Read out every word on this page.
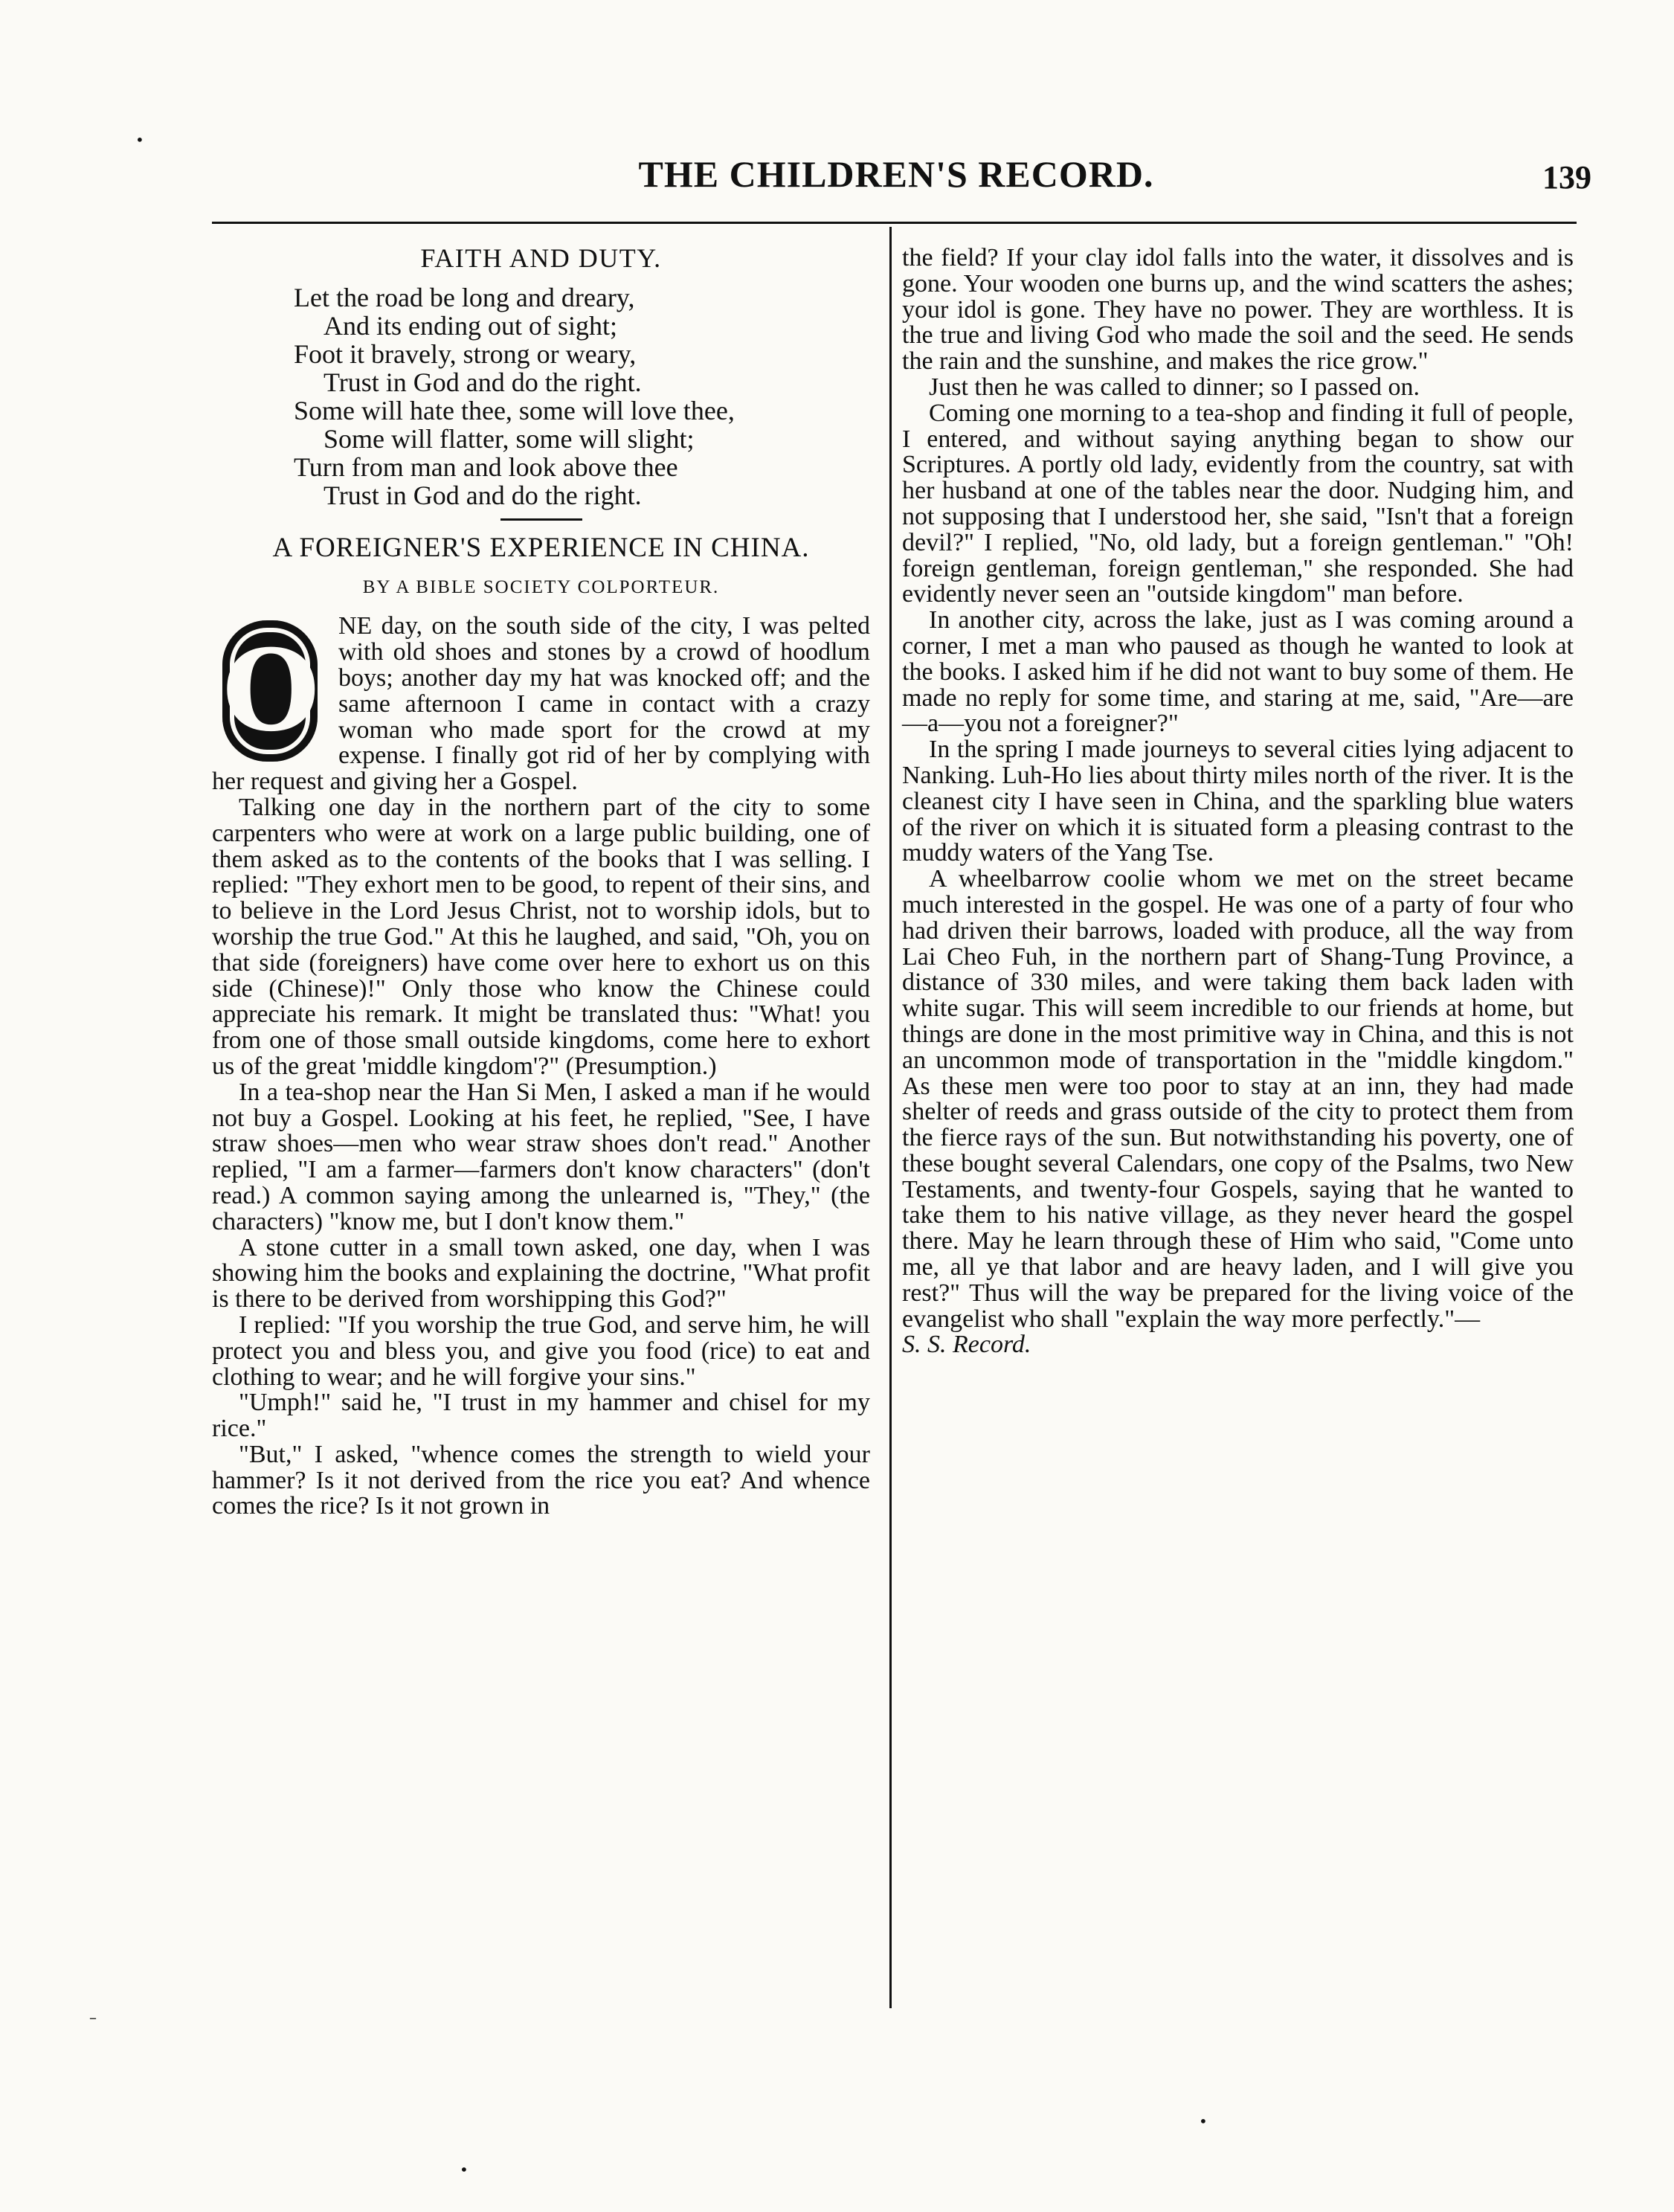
THE CHILDREN'S RECORD.	139
FAITH AND DUTY.
Let the road be long and dreary,
And its ending out of sight;
Foot it bravely, strong or weary,
Trust in God and do the right.
Some will hate thee, some will love thee,
Some will flatter, some will slight;
Turn from man and look above thee
Trust in God and do the right.
A FOREIGNER'S EXPERIENCE IN CHINA.
BY A BIBLE SOCIETY COLPORTEUR.

O NE day, on the south side of the city, I was pelted with old shoes and stones by a crowd of hoodlum boys; another day my hat was knocked off; and the same afternoon I came in contact with a crazy woman who made sport for the crowd at my expense. I finally got rid of her by complying with her request and giving her a Gospel.

Talking one day in the northern part of the city to some carpenters who were at work on a large public building, one of them asked as to the contents of the books that I was selling. I replied: "They exhort men to be good, to repent of their sins, and to believe in the Lord Jesus Christ, not to worship idols, but to worship the true God." At this he laughed, and said, "Oh, you on that side (foreigners) have come over here to exhort us on this side (Chinese)!" Only those who know the Chinese could appreciate his remark. It might be translated thus: "What! you from one of those small outside kingdoms, come here to exhort us of the great 'middle kingdom'?" (Presumption.)

In a tea-shop near the Han Si Men, I asked a man if he would not buy a Gospel. Looking at his feet, he replied, "See, I have straw shoes—men who wear straw shoes don't read." Another replied, "I am a farmer—farmers don't know characters" (don't read.) A common saying among the unlearned is, "They," (the characters) "know me, but I don't know them."

A stone cutter in a small town asked, one day, when I was showing him the books and explaining the doctrine, "What profit is there to be derived from worshipping this God?"

I replied: "If you worship the true God, and serve him, he will protect you and bless you, and give you food (rice) to eat and clothing to wear; and he will forgive your sins."

"Umph!" said he, "I trust in my hammer and chisel for my rice."

"But," I asked, "whence comes the strength to wield your hammer? Is it not derived from the rice you eat? And whence comes the rice? Is it not grown in

the field? If your clay idol falls into the water, it dissolves and is gone. Your wooden one burns up, and the wind scatters the ashes; your idol is gone. They have no power. They are worthless. It is the true and living God who made the soil and the seed. He sends the rain and the sunshine, and makes the rice grow."

Just then he was called to dinner; so I passed on.

Coming one morning to a tea-shop and finding it full of people, I entered, and without saying anything began to show our Scriptures. A portly old lady, evidently from the country, sat with her husband at one of the tables near the door. Nudging him, and not supposing that I understood her, she said, "Isn't that a foreign devil?" I replied, "No, old lady, but a foreign gentleman." "Oh! foreign gentleman, foreign gentleman," she responded. She had evidently never seen an "outside kingdom" man before.

In another city, across the lake, just as I was coming around a corner, I met a man who paused as though he wanted to look at the books. I asked him if he did not want to buy some of them. He made no reply for some time, and staring at me, said, "Are—are—a—you not a foreigner?"

In the spring I made journeys to several cities lying adjacent to Nanking. Luh-Ho lies about thirty miles north of the river. It is the cleanest city I have seen in China, and the sparkling blue waters of the river on which it is situated form a pleasing contrast to the muddy waters of the Yang Tse.

A wheelbarrow coolie whom we met on the street became much interested in the gospel. He was one of a party of four who had driven their barrows, loaded with produce, all the way from Lai Cheo Fuh, in the northern part of Shang-Tung Province, a distance of 330 miles, and were taking them back laden with white sugar. This will seem incredible to our friends at home, but things are done in the most primitive way in China, and this is not an uncommon mode of transportation in the "middle kingdom." As these men were too poor to stay at an inn, they had made shelter of reeds and grass outside of the city to protect them from the fierce rays of the sun. But notwithstanding his poverty, one of these bought several Calendars, one copy of the Psalms, two New Testaments, and twenty-four Gospels, saying that he wanted to take them to his native village, as they never heard the gospel there. May he learn through these of Him who said, "Come unto me, all ye that labor and are heavy laden, and I will give you rest?" Thus will the way be prepared for the living voice of the evangelist who shall "explain the way more perfectly."—

S. S. Record.

•
–
•
•
